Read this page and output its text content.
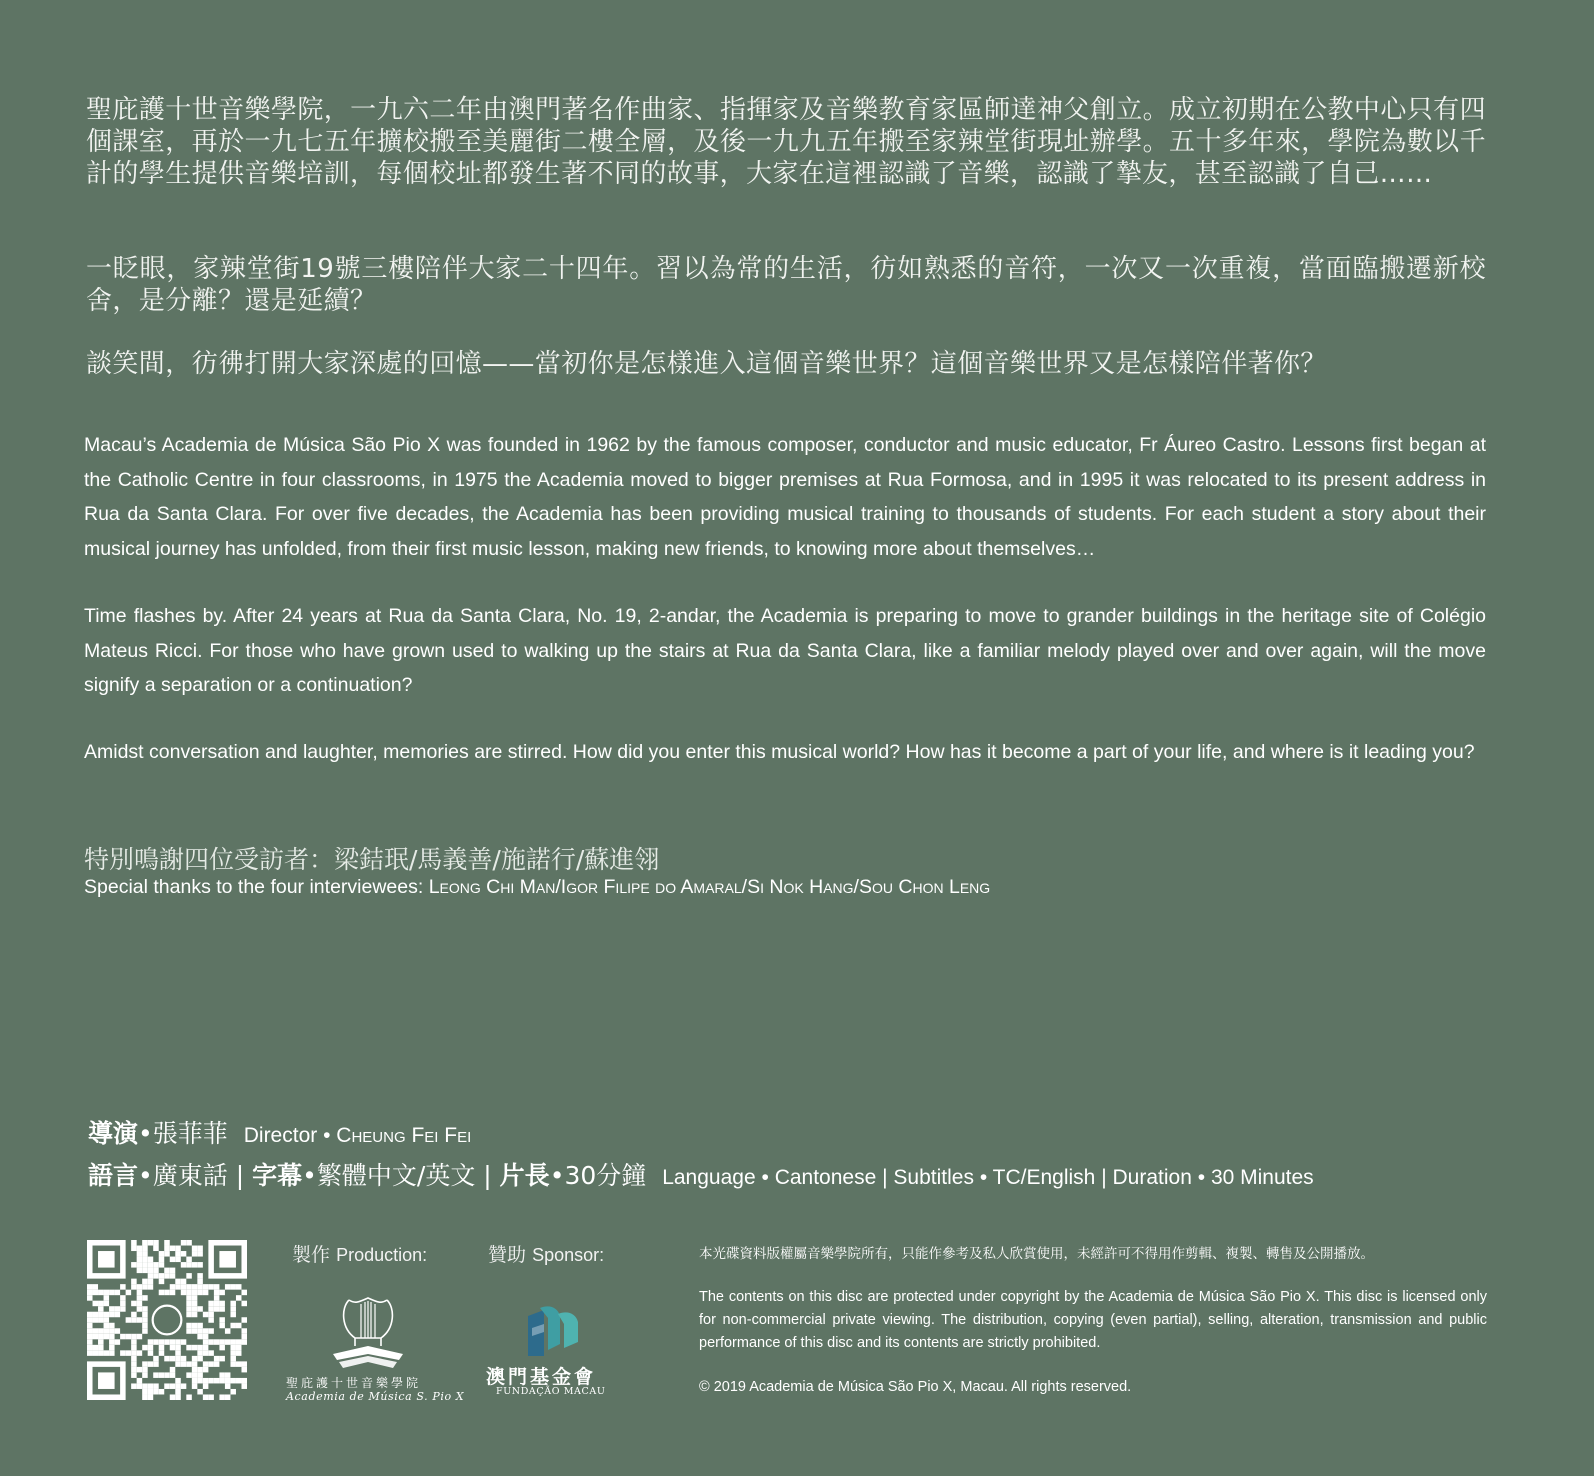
聖庇護十世音樂學院，一九六二年由澳門著名作曲家、指揮家及音樂教育家區師達神父創立。成立初期在公教中心只有四個課室，再於一九七五年擴校搬至美麗街二樓全層，及後一九九五年搬至家辣堂街現址辦學。五十多年來，學院為數以千計的學生提供音樂培訓，每個校址都發生著不同的故事，大家在這裡認識了音樂，認識了摯友，甚至認識了自己……
一眨眼，家辣堂街19號三樓陪伴大家二十四年。習以為常的生活，彷如熟悉的音符，一次又一次重複，當面臨搬遷新校舍，是分離？還是延續？
談笑間，彷彿打開大家深處的回憶——當初你是怎樣進入這個音樂世界？這個音樂世界又是怎樣陪伴著你？
Macau’s Academia de Música São Pio X was founded in 1962 by the famous composer, conductor and music educator, Fr Áureo Castro. Lessons first began at the Catholic Centre in four classrooms, in 1975 the Academia moved to bigger premises at Rua Formosa, and in 1995 it was relocated to its present address in Rua da Santa Clara. For over five decades, the Academia has been providing musical training to thousands of students. For each student a story about their musical journey has unfolded, from their first music lesson, making new friends, to knowing more about themselves…
Time flashes by. After 24 years at Rua da Santa Clara, No. 19, 2-andar, the Academia is preparing to move to grander buildings in the heritage site of Colégio Mateus Ricci. For those who have grown used to walking up the stairs at Rua da Santa Clara, like a familiar melody played over and over again, will the move signify a separation or a continuation?
Amidst conversation and laughter, memories are stirred. How did you enter this musical world? How has it become a part of your life, and where is it leading you?
特別鳴謝四位受訪者：梁銡珉/馬義善/施諾行/蘇進翎
Special thanks to the four interviewees: Leong Chi Man/Igor Filipe do Amaral/Si Nok Hang/Sou Chon Leng
導演•張菲菲 Director • Cheung Fei Fei
語言•廣東話 | 字幕•繁體中文/英文 | 片長•30分鐘 Language • Cantonese | Subtitles • TC/English | Duration • 30 Minutes
製作 Production:	贊助 Sponsor:
聖庇護十世音樂學院
Academia de Música S. Pio X
澳門基金會
FUNDAÇÃO MACAU
本光碟資料版權屬音樂學院所有，只能作參考及私人欣賞使用，未經許可不得用作剪輯、複製、轉售及公開播放。
The contents on this disc are protected under copyright by the Academia de Música São Pio X. This disc is licensed only for non-commercial private viewing. The distribution, copying (even partial), selling, alteration, transmission and public performance of this disc and its contents are strictly prohibited.
© 2019 Academia de Música São Pio X, Macau. All rights reserved.
